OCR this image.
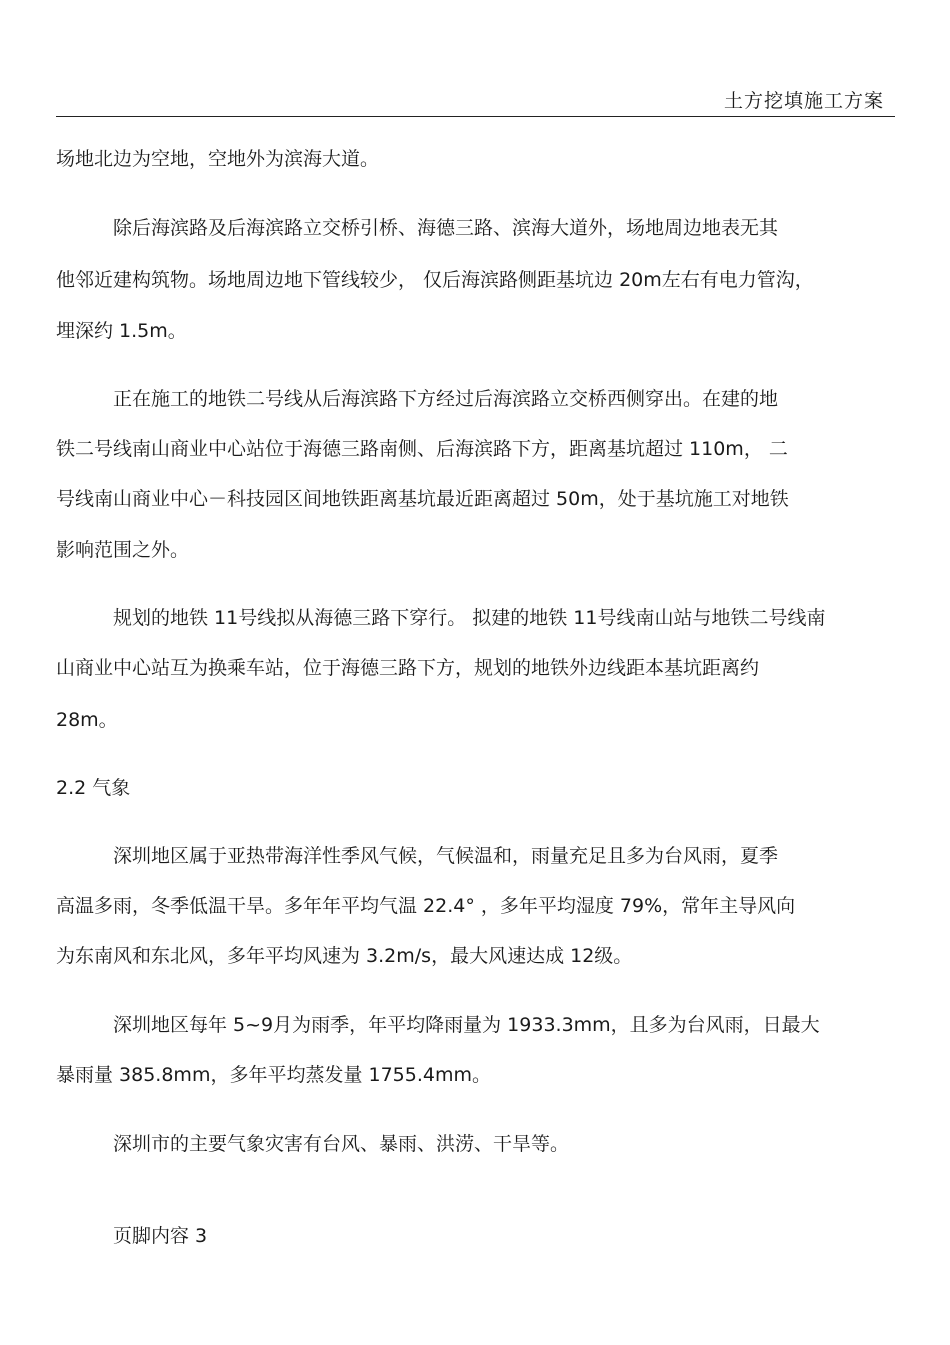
土方挖填施工方案
场地北边为空地，空地外为滨海大道。
除后海滨路及后海滨路立交桥引桥、海德三路、滨海大道外，场地周边地表无其
他邻近建构筑物。场地周边地下管线较少， 仅后海滨路侧距基坑边 20m左右有电力管沟，
埋深约 1.5m。
正在施工的地铁二号线从后海滨路下方经过后海滨路立交桥西侧穿出。在建的地
铁二号线南山商业中心站位于海德三路南侧、后海滨路下方，距离基坑超过 110m， 二
号线南山商业中心－科技园区间地铁距离基坑最近距离超过 50m，处于基坑施工对地铁
影响范围之外。
规划的地铁 11号线拟从海德三路下穿行。 拟建的地铁 11号线南山站与地铁二号线南
山商业中心站互为换乘车站，位于海德三路下方，规划的地铁外边线距本基坑距离约
28m。
2.2 气象
深圳地区属于亚热带海洋性季风气候，气候温和，雨量充足且多为台风雨，夏季
高温多雨，冬季低温干旱。多年年平均气温 22.4° ，多年平均湿度 79%，常年主导风向
为东南风和东北风，多年平均风速为 3.2m/s，最大风速达成 12级。
深圳地区每年 5~9月为雨季，年平均降雨量为 1933.3mm，且多为台风雨，日最大
暴雨量 385.8mm，多年平均蒸发量 1755.4mm。
深圳市的主要气象灾害有台风、暴雨、洪涝、干旱等。
页脚内容 3
